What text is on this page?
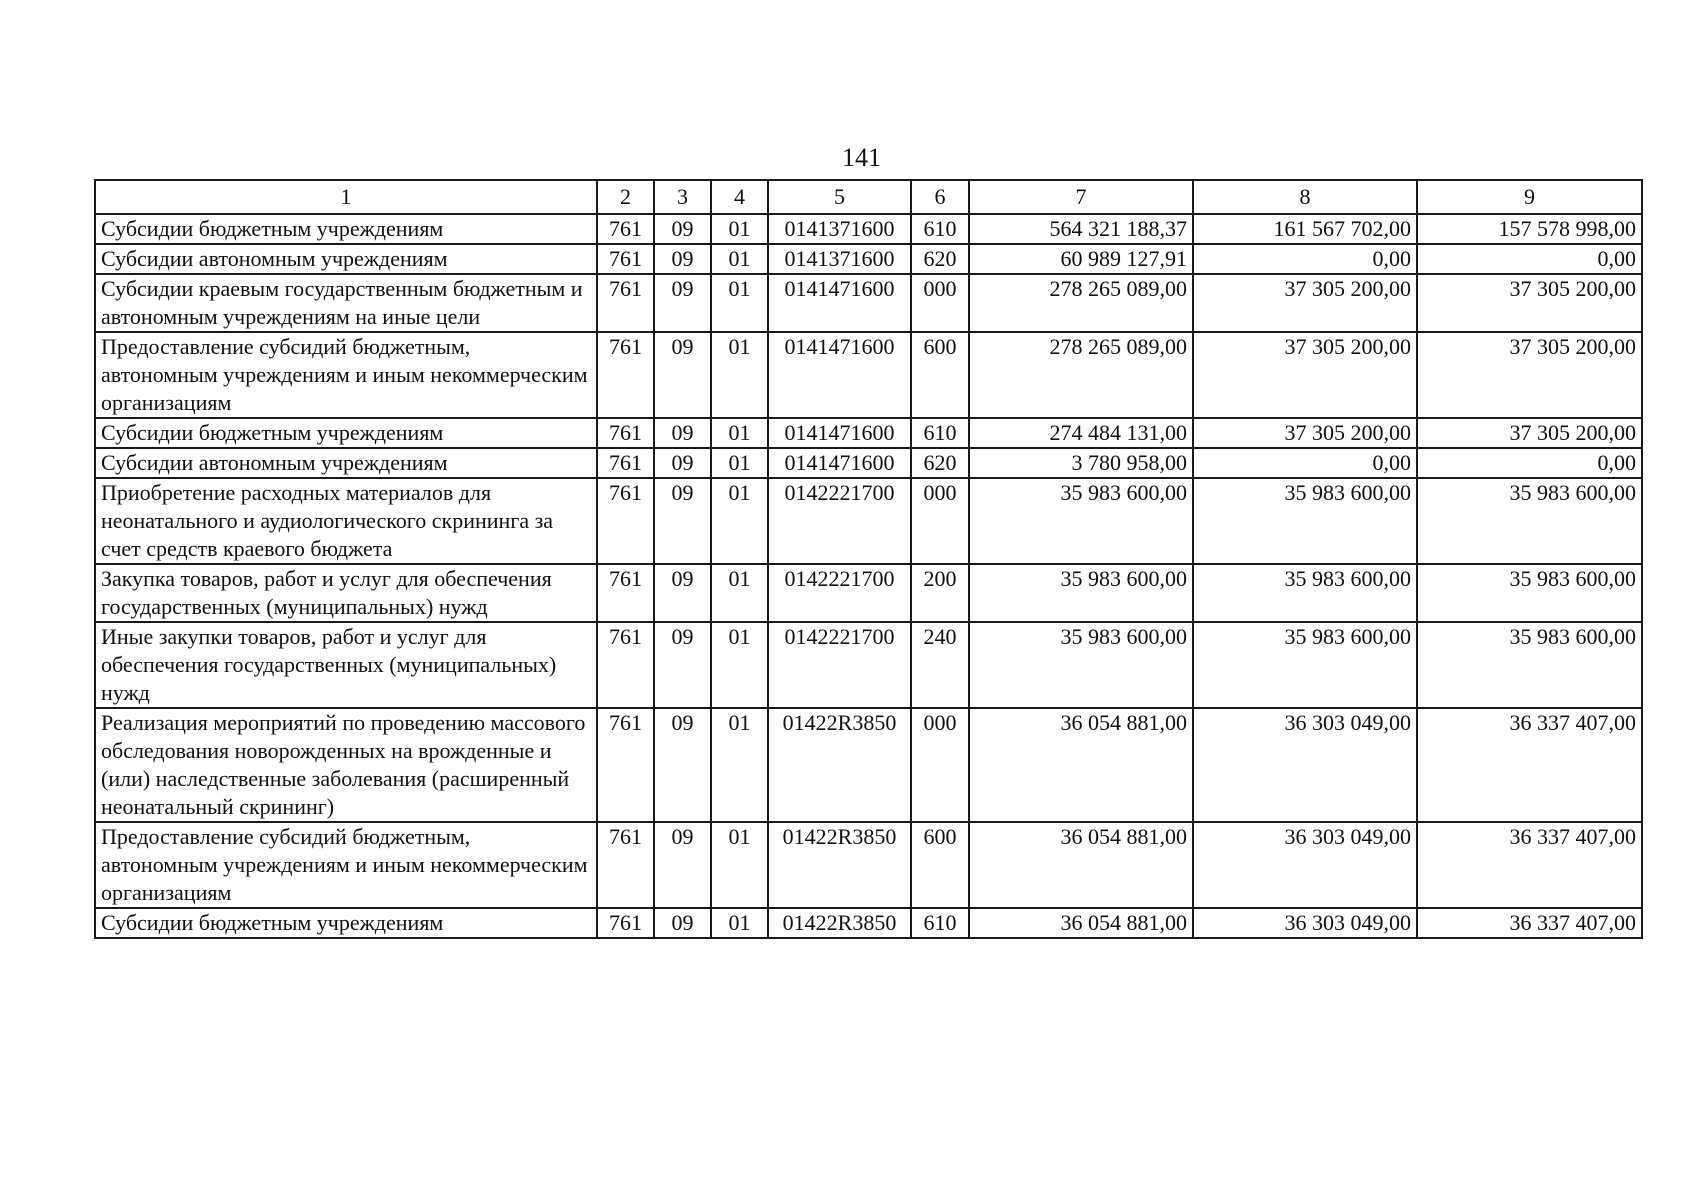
141
1	2	3	4	5	6	7	8	9
Субсидии бюджетным учреждениям	761	09	01	0141371600	610	564 321 188,37	161 567 702,00	157 578 998,00
Субсидии автономным учреждениям	761	09	01	0141371600	620	60 989 127,91	0,00	0,00
Субсидии краевым государственным бюджетным и автономным учреждениям на иные цели	761	09	01	0141471600	000	278 265 089,00	37 305 200,00	37 305 200,00
Предоставление субсидий бюджетным, автономным учреждениям и иным некоммерческим организациям	761	09	01	0141471600	600	278 265 089,00	37 305 200,00	37 305 200,00
Субсидии бюджетным учреждениям	761	09	01	0141471600	610	274 484 131,00	37 305 200,00	37 305 200,00
Субсидии автономным учреждениям	761	09	01	0141471600	620	3 780 958,00	0,00	0,00
Приобретение расходных материалов для неонатального и аудиологического скрининга за счет средств краевого бюджета	761	09	01	0142221700	000	35 983 600,00	35 983 600,00	35 983 600,00
Закупка товаров, работ и услуг для обеспечения государственных (муниципальных) нужд	761	09	01	0142221700	200	35 983 600,00	35 983 600,00	35 983 600,00
Иные закупки товаров, работ и услуг для обеспечения государственных (муниципальных) нужд	761	09	01	0142221700	240	35 983 600,00	35 983 600,00	35 983 600,00
Реализация мероприятий по проведению массового обследования новорожденных на врожденные и (или) наследственные заболевания (расширенный неонатальный скрининг)	761	09	01	01422R3850	000	36 054 881,00	36 303 049,00	36 337 407,00
Предоставление субсидий бюджетным, автономным учреждениям и иным некоммерческим организациям	761	09	01	01422R3850	600	36 054 881,00	36 303 049,00	36 337 407,00
Субсидии бюджетным учреждениям	761	09	01	01422R3850	610	36 054 881,00	36 303 049,00	36 337 407,00
